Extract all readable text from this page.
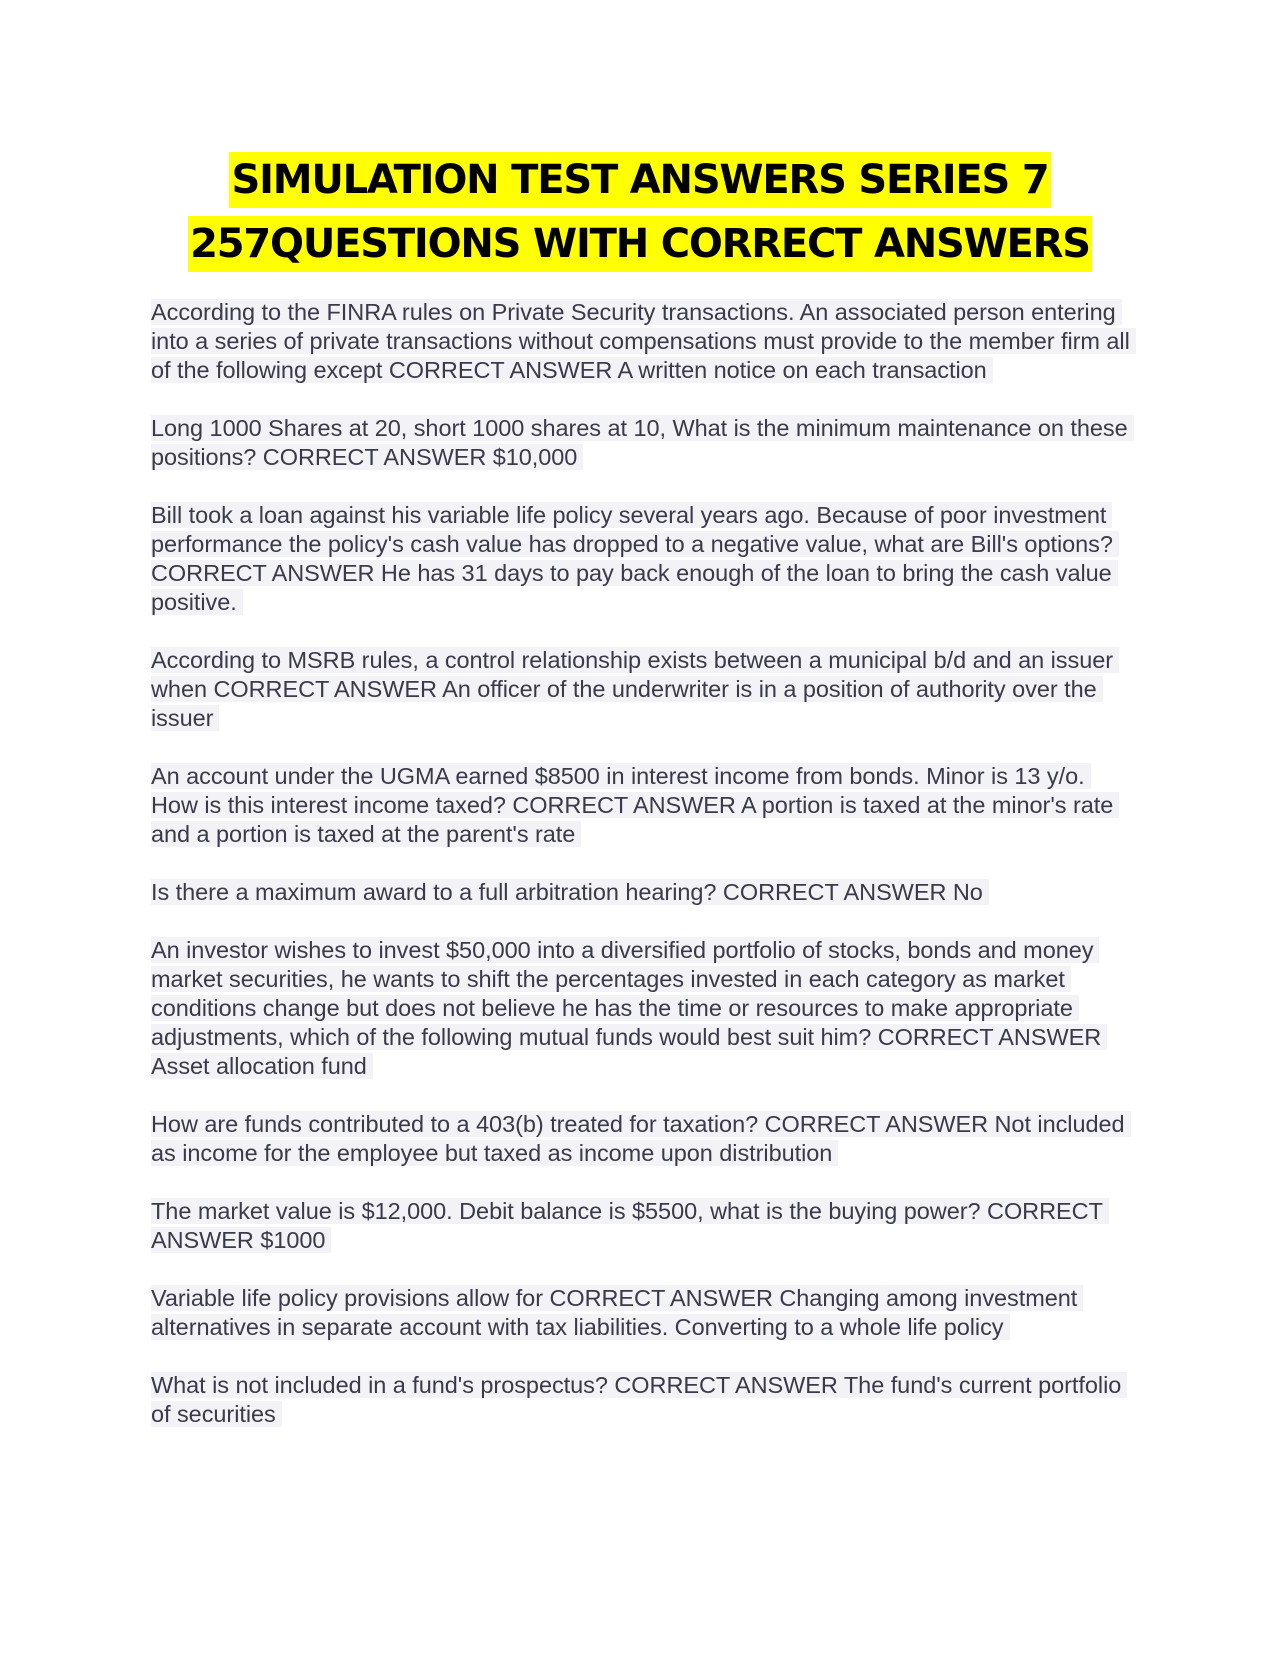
SIMULATION TEST ANSWERS SERIES 7
257QUESTIONS WITH CORRECT ANSWERS

According to the FINRA rules on Private Security transactions. An associated person entering into a series of private transactions without compensations must provide to the member firm all of the following except CORRECT ANSWER A written notice on each transaction

Long 1000 Shares at 20, short 1000 shares at 10, What is the minimum maintenance on these positions? CORRECT ANSWER $10,000

Bill took a loan against his variable life policy several years ago. Because of poor investment performance the policy's cash value has dropped to a negative value, what are Bill's options? CORRECT ANSWER He has 31 days to pay back enough of the loan to bring the cash value positive.

According to MSRB rules, a control relationship exists between a municipal b/d and an issuer when CORRECT ANSWER An officer of the underwriter is in a position of authority over the issuer

An account under the UGMA earned $8500 in interest income from bonds. Minor is 13 y/o. How is this interest income taxed? CORRECT ANSWER A portion is taxed at the minor's rate and a portion is taxed at the parent's rate

Is there a maximum award to a full arbitration hearing? CORRECT ANSWER No

An investor wishes to invest $50,000 into a diversified portfolio of stocks, bonds and money market securities, he wants to shift the percentages invested in each category as market conditions change but does not believe he has the time or resources to make appropriate adjustments, which of the following mutual funds would best suit him? CORRECT ANSWER Asset allocation fund

How are funds contributed to a 403(b) treated for taxation? CORRECT ANSWER Not included as income for the employee but taxed as income upon distribution

The market value is $12,000. Debit balance is $5500, what is the buying power? CORRECT ANSWER $1000

Variable life policy provisions allow for CORRECT ANSWER Changing among investment alternatives in separate account with tax liabilities. Converting to a whole life policy

What is not included in a fund's prospectus? CORRECT ANSWER The fund's current portfolio of securities
